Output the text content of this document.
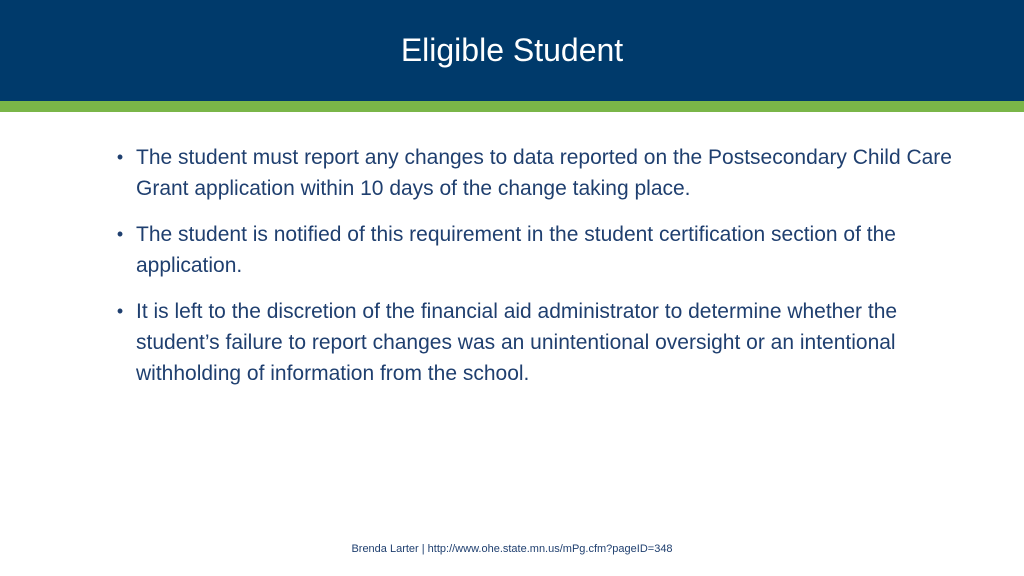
Eligible Student
• The student must report any changes to data reported on the Postsecondary Child Care Grant application within 10 days of the change taking place.
• The student is notified of this requirement in the student certification section of the application.
• It is left to the discretion of the financial aid administrator to determine whether the student’s failure to report changes was an unintentional oversight or an intentional withholding of information from the school.
Brenda Larter | http://www.ohe.state.mn.us/mPg.cfm?pageID=348
